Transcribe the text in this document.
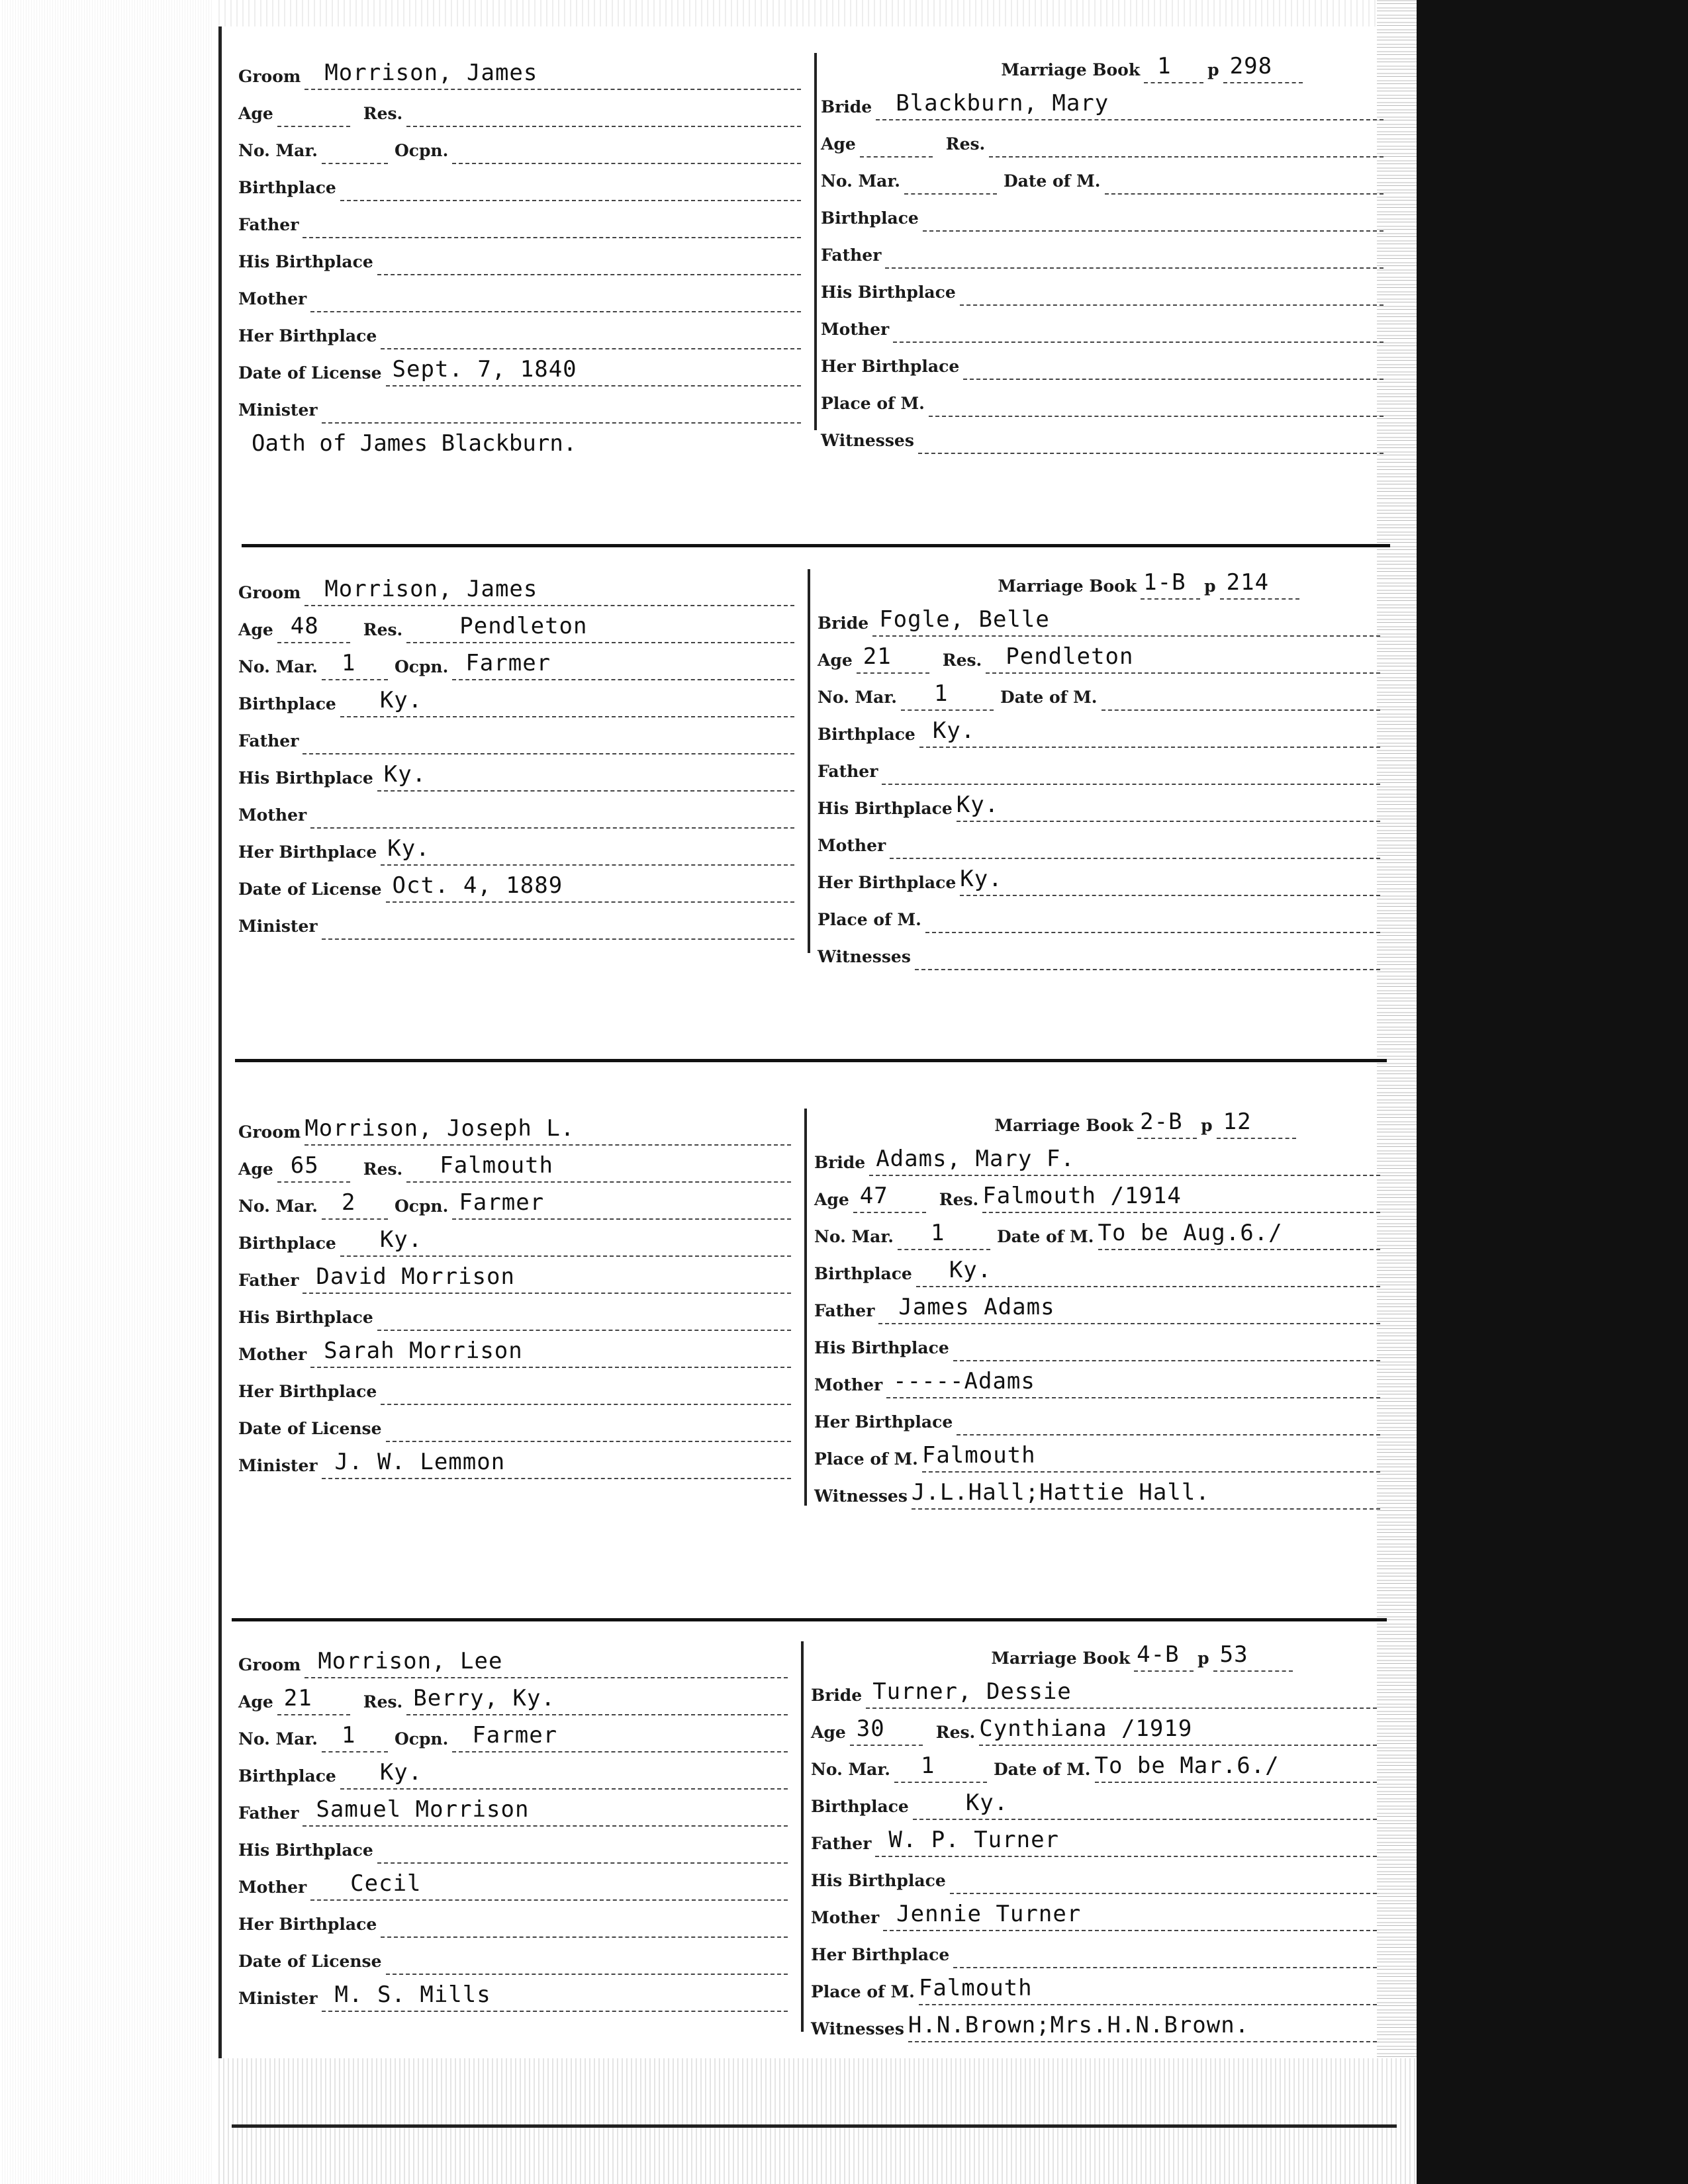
Groom Morrison, James
Age	Res.
No. Mar.	Ocpn.
Birthplace
Father
His Birthplace
Mother
Her Birthplace
Date of License Sept. 7, 1840
Minister
Oath of James Blackburn.
Marriage Book 1 p 298
Bride Blackburn, Mary
Age	Res.
No. Mar.	Date of M.
Birthplace
Father
His Birthplace
Mother
Her Birthplace
Place of M.
Witnesses
Groom Morrison, James
Age 48	Res.	Pendleton
No. Mar. 1 Ocpn. Farmer
Birthplace Ky.
Father
His Birthplace Ky.
Mother
Her Birthplace Ky.
Date of License Oct. 4, 1889
Minister
Marriage Book 1-B p 214
Bride Fogle, Belle
Age 21	Res. Pendleton
No. Mar. 1	Date of M.
Birthplace Ky.
Father
His Birthplace Ky.
Mother
Her Birthplace Ky.
Place of M.
Witnesses
Groom Morrison, Joseph L.
Age 65	Res. Falmouth
No. Mar. 2 Ocpn. Farmer
Birthplace Ky.
Father David Morrison
His Birthplace
Mother Sarah Morrison
Her Birthplace
Date of License
Minister J. W. Lemmon
Marriage Book 2-B p 12
Bride Adams, Mary F.
Age 47	Res. Falmouth /1914
No. Mar. 1	Date of M. To be Aug.6./
Birthplace Ky.
Father James Adams
His Birthplace
Mother -----Adams
Her Birthplace
Place of M. Falmouth
Witnesses J.L.Hall;Hattie Hall.
Groom Morrison, Lee
Age 21	Res. Berry, Ky.
No. Mar. 1 Ocpn. Farmer
Birthplace Ky.
Father Samuel Morrison
His Birthplace
Mother Cecil
Her Birthplace
Date of License
Minister M. S. Mills
Marriage Book 4-B p 53
Bride Turner, Dessie
Age 30	Res. Cynthiana /1919
No. Mar. 1	Date of M. To be Mar.6./
Birthplace	Ky.
Father W. P. Turner
His Birthplace
Mother Jennie Turner
Her Birthplace
Place of M. Falmouth
Witnesses H.N.Brown;Mrs.H.N.Brown.
